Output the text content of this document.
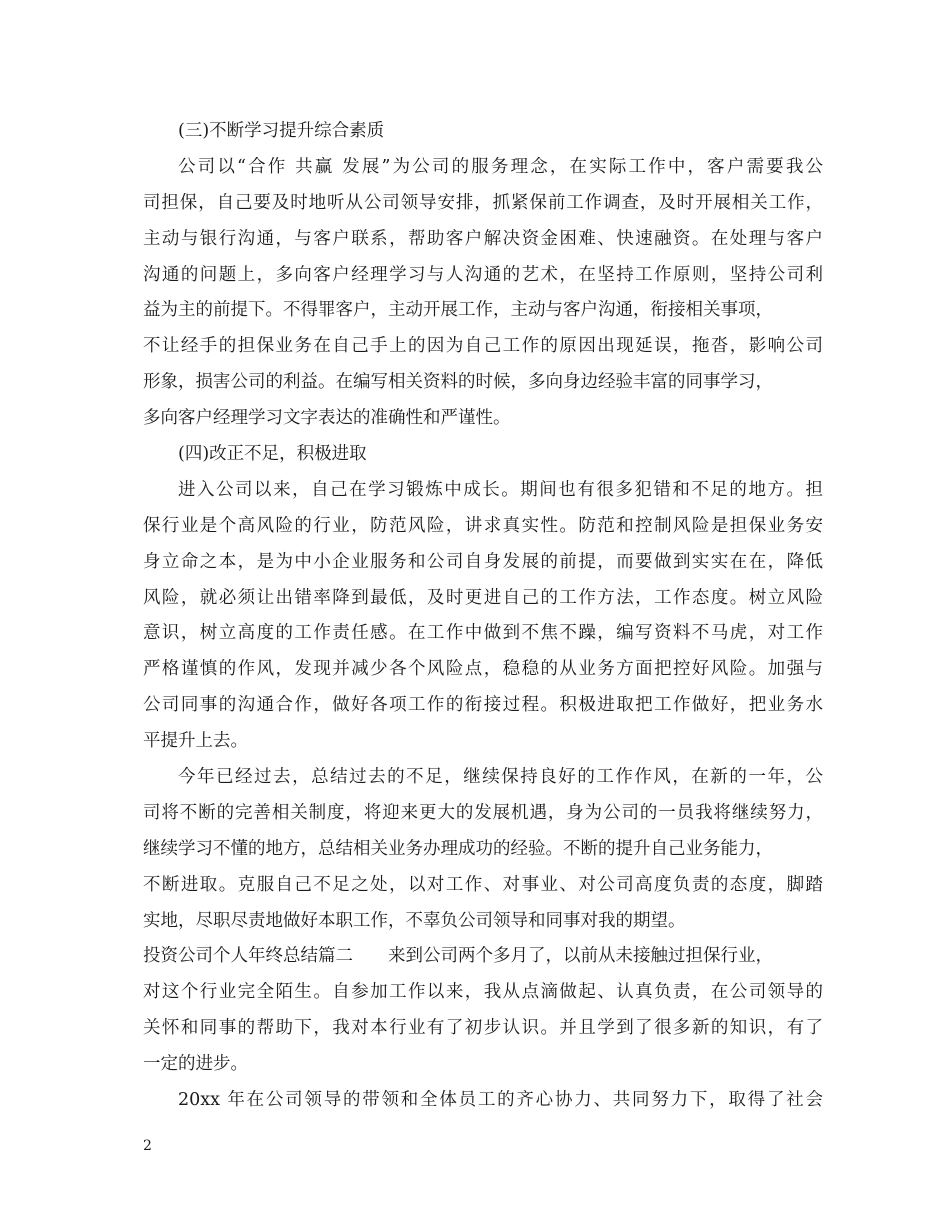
(三)不断学习提升综合素质
公司以“合作 共赢 发展”为公司的服务理念，在实际工作中，客户需要我公
司担保，自己要及时地听从公司领导安排，抓紧保前工作调查，及时开展相关工作，
主动与银行沟通，与客户联系，帮助客户解决资金困难、快速融资。在处理与客户
沟通的问题上，多向客户经理学习与人沟通的艺术，在坚持工作原则，坚持公司利
益为主的前提下。不得罪客户，主动开展工作，主动与客户沟通，衔接相关事项，
不让经手的担保业务在自己手上的因为自己工作的原因出现延误，拖沓，影响公司
形象，损害公司的利益。在编写相关资料的时候，多向身边经验丰富的同事学习，
多向客户经理学习文字表达的准确性和严谨性。
(四)改正不足，积极进取
进入公司以来，自己在学习锻炼中成长。期间也有很多犯错和不足的地方。担
保行业是个高风险的行业，防范风险，讲求真实性。防范和控制风险是担保业务安
身立命之本，是为中小企业服务和公司自身发展的前提，而要做到实实在在，降低
风险，就必须让出错率降到最低，及时更进自己的工作方法，工作态度。树立风险
意识，树立高度的工作责任感。在工作中做到不焦不躁，编写资料不马虎，对工作
严格谨慎的作风，发现并减少各个风险点，稳稳的从业务方面把控好风险。加强与
公司同事的沟通合作，做好各项工作的衔接过程。积极进取把工作做好，把业务水
平提升上去。
今年已经过去，总结过去的不足，继续保持良好的工作作风，在新的一年，公
司将不断的完善相关制度，将迎来更大的发展机遇，身为公司的一员我将继续努力，
继续学习不懂的地方，总结相关业务办理成功的经验。不断的提升自己业务能力，
不断进取。克服自己不足之处，以对工作、对事业、对公司高度负责的态度，脚踏
实地，尽职尽责地做好本职工作，不辜负公司领导和同事对我的期望。
投资公司个人年终总结篇二　　来到公司两个多月了，以前从未接触过担保行业，
对这个行业完全陌生。自参加工作以来，我从点滴做起、认真负责，在公司领导的
关怀和同事的帮助下，我对本行业有了初步认识。并且学到了很多新的知识，有了
一定的进步。
20xx 年在公司领导的带领和全体员工的齐心协力、共同努力下，取得了社会
2
